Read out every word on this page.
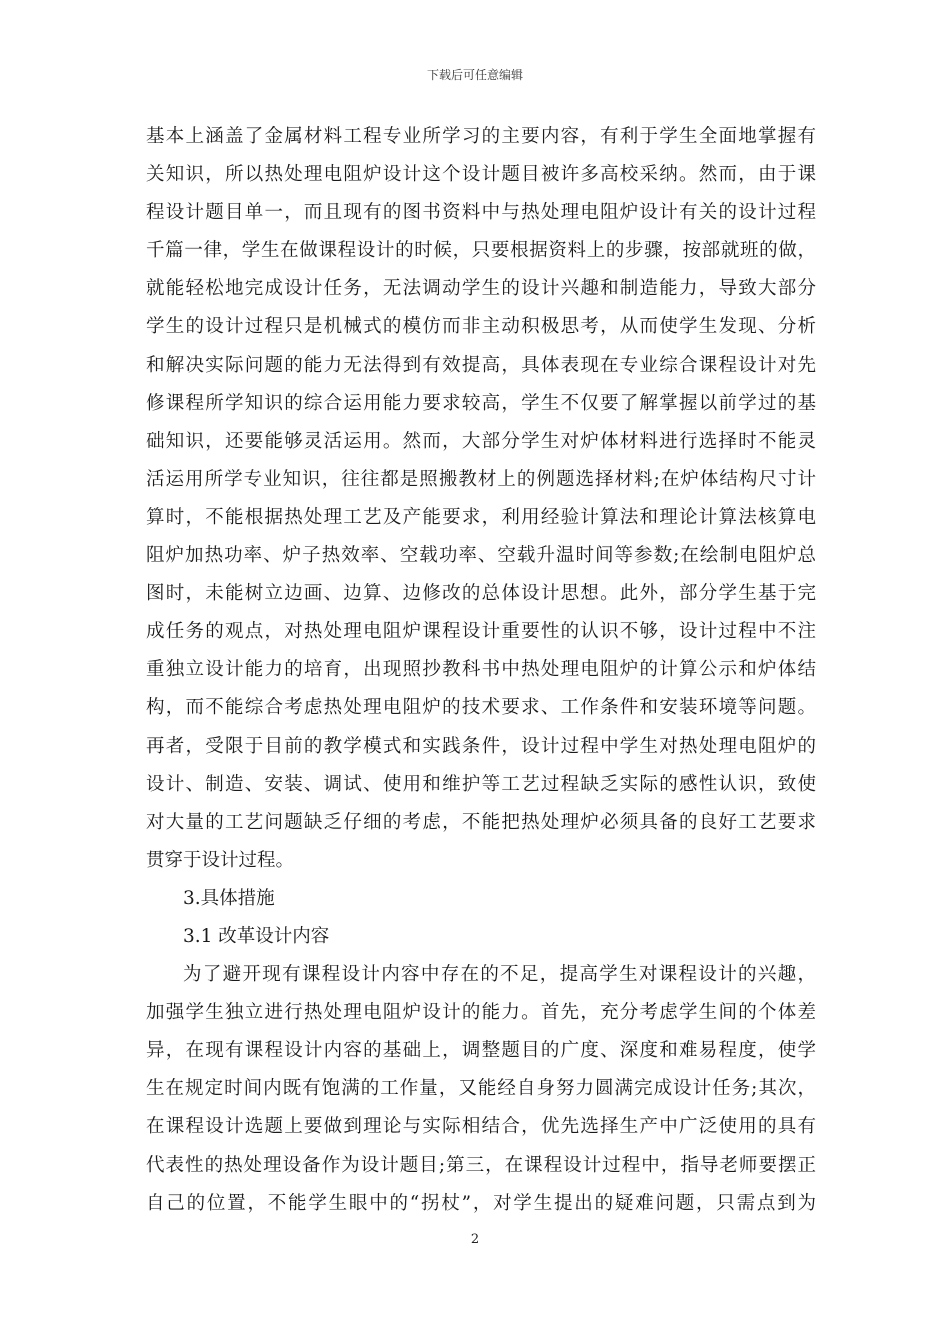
下载后可任意编辑
基本上涵盖了金属材料工程专业所学习的主要内容，有利于学生全面地掌握有
关知识，所以热处理电阻炉设计这个设计题目被许多高校采纳。然而，由于课
程设计题目单一，而且现有的图书资料中与热处理电阻炉设计有关的设计过程
千篇一律，学生在做课程设计的时候，只要根据资料上的步骤，按部就班的做，
就能轻松地完成设计任务，无法调动学生的设计兴趣和制造能力，导致大部分
学生的设计过程只是机械式的模仿而非主动积极思考，从而使学生发现、分析
和解决实际问题的能力无法得到有效提高，具体表现在专业综合课程设计对先
修课程所学知识的综合运用能力要求较高，学生不仅要了解掌握以前学过的基
础知识，还要能够灵活运用。然而，大部分学生对炉体材料进行选择时不能灵
活运用所学专业知识，往往都是照搬教材上的例题选择材料;在炉体结构尺寸计
算时，不能根据热处理工艺及产能要求，利用经验计算法和理论计算法核算电
阻炉加热功率、炉子热效率、空载功率、空载升温时间等参数;在绘制电阻炉总
图时，未能树立边画、边算、边修改的总体设计思想。此外，部分学生基于完
成任务的观点，对热处理电阻炉课程设计重要性的认识不够，设计过程中不注
重独立设计能力的培育，出现照抄教科书中热处理电阻炉的计算公示和炉体结
构，而不能综合考虑热处理电阻炉的技术要求、工作条件和安装环境等问题。
再者，受限于目前的教学模式和实践条件，设计过程中学生对热处理电阻炉的
设计、制造、安装、调试、使用和维护等工艺过程缺乏实际的感性认识，致使
对大量的工艺问题缺乏仔细的考虑，不能把热处理炉必须具备的良好工艺要求
贯穿于设计过程。
3.具体措施
3.1 改革设计内容
为了避开现有课程设计内容中存在的不足，提高学生对课程设计的兴趣，
加强学生独立进行热处理电阻炉设计的能力。首先，充分考虑学生间的个体差
异，在现有课程设计内容的基础上，调整题目的广度、深度和难易程度，使学
生在规定时间内既有饱满的工作量，又能经自身努力圆满完成设计任务;其次，
在课程设计选题上要做到理论与实际相结合，优先选择生产中广泛使用的具有
代表性的热处理设备作为设计题目;第三，在课程设计过程中，指导老师要摆正
自己的位置，不能学生眼中的“拐杖”，对学生提出的疑难问题，只需点到为
2
